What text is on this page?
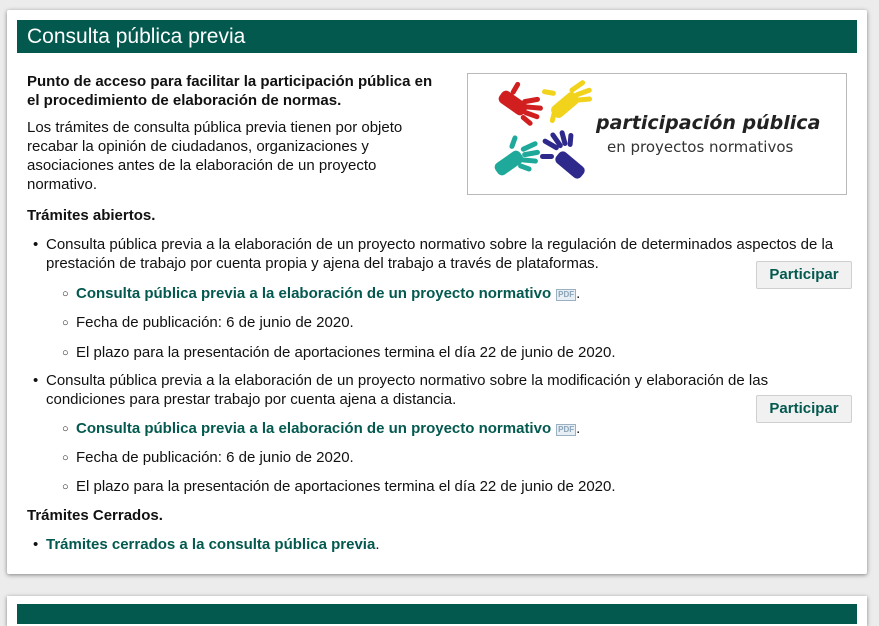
Consulta pública previa

Punto de acceso para facilitar la participación pública en el procedimiento de elaboración de normas.

Los trámites de consulta pública previa tienen por objeto recabar la opinión de ciudadanos, organizaciones y asociaciones antes de la elaboración de un proyecto normativo.

participación pública
en proyectos normativos
Trámites abiertos.
• Consulta pública previa a la elaboración de un proyecto normativo sobre la regulación de determinados aspectos de la prestación de trabajo por cuenta propia y ajena del trabajo a través de plataformas.
Participar
○ Consulta pública previa a la elaboración de un proyecto normativo PDF .
○ Fecha de publicación: 6 de junio de 2020.
○ El plazo para la presentación de aportaciones termina el día 22 de junio de 2020.
• Consulta pública previa a la elaboración de un proyecto normativo sobre la modificación y elaboración de las condiciones para prestar trabajo por cuenta ajena a distancia.
Participar
○ Consulta pública previa a la elaboración de un proyecto normativo PDF .
○ Fecha de publicación: 6 de junio de 2020.
○ El plazo para la presentación de aportaciones termina el día 22 de junio de 2020.
Trámites Cerrados.
• Trámites cerrados a la consulta pública previa.
